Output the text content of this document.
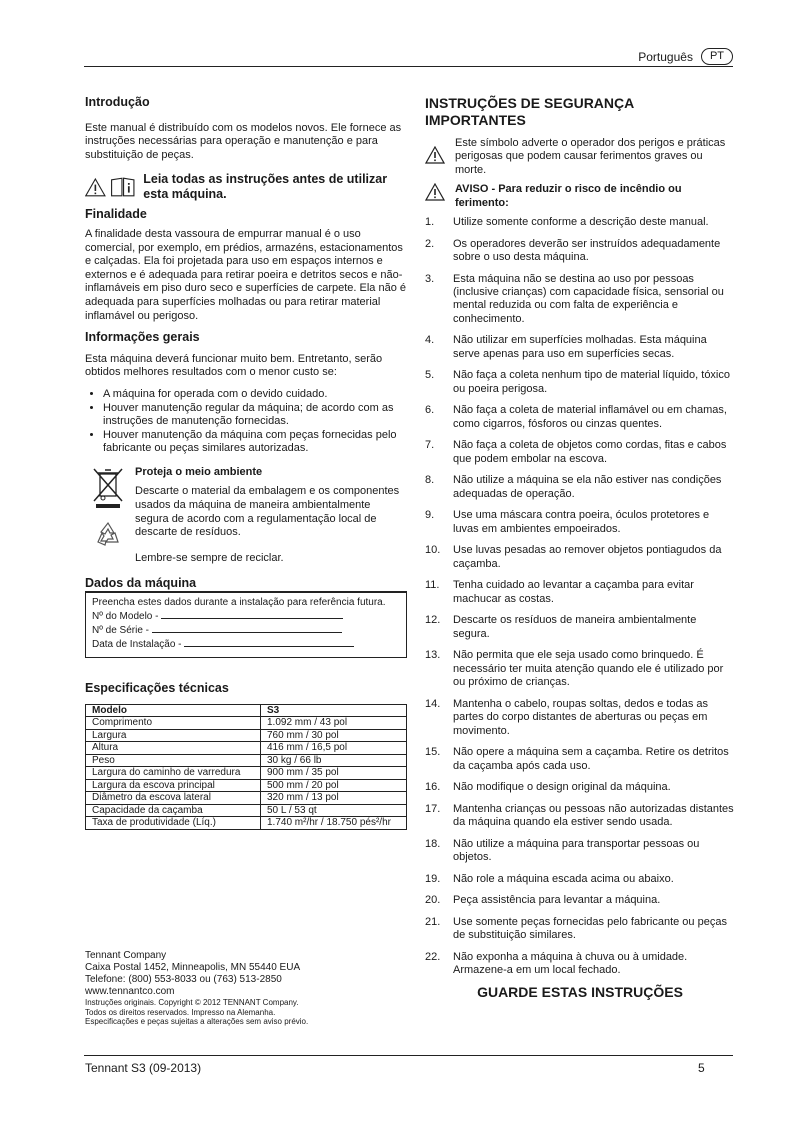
Português	PT
Introdução

Este manual é distribuído com os modelos novos. Ele fornece as instruções necessárias para operação e manutenção e para substituição de peças.

Leia todas as instruções antes de utilizar esta máquina.
Finalidade

A finalidade desta vassoura de empurrar manual é o uso comercial, por exemplo, em prédios, armazéns, estacionamentos e calçadas. Ela foi projetada para uso em espaços internos e externos e é adequada para retirar poeira e detritos secos e não-inflamáveis em piso duro seco e superfícies de carpete. Ela não é adequada para superfícies molhadas ou para retirar material inflamável ou perigoso.

Informações gerais

Esta máquina deverá funcionar muito bem. Entretanto, serão obtidos melhores resultados com o menor custo se:

• A máquina for operada com o devido cuidado.
• Houver manutenção regular da máquina; de acordo com as instruções de manutenção fornecidas.
• Houver manutenção da máquina com peças fornecidas pelo fabricante ou peças similares autorizadas.

Proteja o meio ambiente

Descarte o material da embalagem e os componentes usados da máquina de maneira ambientalmente segura de acordo com a regulamentação local de descarte de resíduos.

Lembre-se sempre de reciclar.

Dados da máquina

Preencha estes dados durante a instalação para referência futura.

Nº do Modelo -

Nº de Série -

Data de Instalação -

Especificações técnicas
Modelo	S3
Comprimento	1.092 mm / 43 pol
Largura	760 mm / 30 pol
Altura	416 mm / 16,5 pol
Peso	30 kg / 66 lb
Largura do caminho de varredura	900 mm / 35 pol
Largura da escova principal	500 mm / 20 pol
Diâmetro da escova lateral	320 mm / 13 pol
Capacidade da caçamba	50 L / 53 qt
Taxa de produtividade (Líq.)	1.740 m²/hr / 18.750 pés²/hr

Tennant Company

Caixa Postal 1452, Minneapolis, MN 55440 EUA

Telefone: (800) 553-8033 ou (763) 513-2850

www.tennantco.com

Instruções originais. Copyright © 2012 TENNANT Company.

Todos os direitos reservados. Impresso na Alemanha.

Especificações e peças sujeitas a alterações sem aviso prévio.

INSTRUÇÕES DE SEGURANÇA IMPORTANTES

Este símbolo adverte o operador dos perigos e práticas perigosas que podem causar ferimentos graves ou morte.

AVISO - Para reduzir o risco de incêndio ou ferimento:

1.	Utilize somente conforme a descrição deste manual.
2.	Os operadores deverão ser instruídos adequadamente sobre o uso desta máquina.
3.	Esta máquina não se destina ao uso por pessoas (inclusive crianças) com capacidade física, sensorial ou mental reduzida ou com falta de experiência e conhecimento.
4.	Não utilizar em superfícies molhadas. Esta máquina serve apenas para uso em superfícies secas.
5.	Não faça a coleta nenhum tipo de material líquido, tóxico ou poeira perigosa.
6.	Não faça a coleta de material inflamável ou em chamas, como cigarros, fósforos ou cinzas quentes.
7.	Não faça a coleta de objetos como cordas, fitas e cabos que podem embolar na escova.
8.	Não utilize a máquina se ela não estiver nas condições adequadas de operação.
9.	Use uma máscara contra poeira, óculos protetores e luvas em ambientes empoeirados.
10.	Use luvas pesadas ao remover objetos pontiagudos da caçamba.
11.	Tenha cuidado ao levantar a caçamba para evitar machucar as costas.
12.	Descarte os resíduos de maneira ambientalmente segura.
13.	Não permita que ele seja usado como brinquedo. É necessário ter muita atenção quando ele é utilizado por ou próximo de crianças.
14.	Mantenha o cabelo, roupas soltas, dedos e todas as partes do corpo distantes de aberturas ou peças em movimento.
15.	Não opere a máquina sem a caçamba. Retire os detritos da caçamba após cada uso.
16.	Não modifique o design original da máquina.
17.	Mantenha crianças ou pessoas não autorizadas distantes da máquina quando ela estiver sendo usada.
18.	Não utilize a máquina para transportar pessoas ou objetos.
19.	Não role a máquina escada acima ou abaixo.
20.	Peça assistência para levantar a máquina.
21.	Use somente peças fornecidas pelo fabricante ou peças de substituição similares.
22.	Não exponha a máquina à chuva ou à umidade. Armazene-a em um local fechado.

GUARDE ESTAS INSTRUÇÕES

Tennant S3 (09-2013)	5
